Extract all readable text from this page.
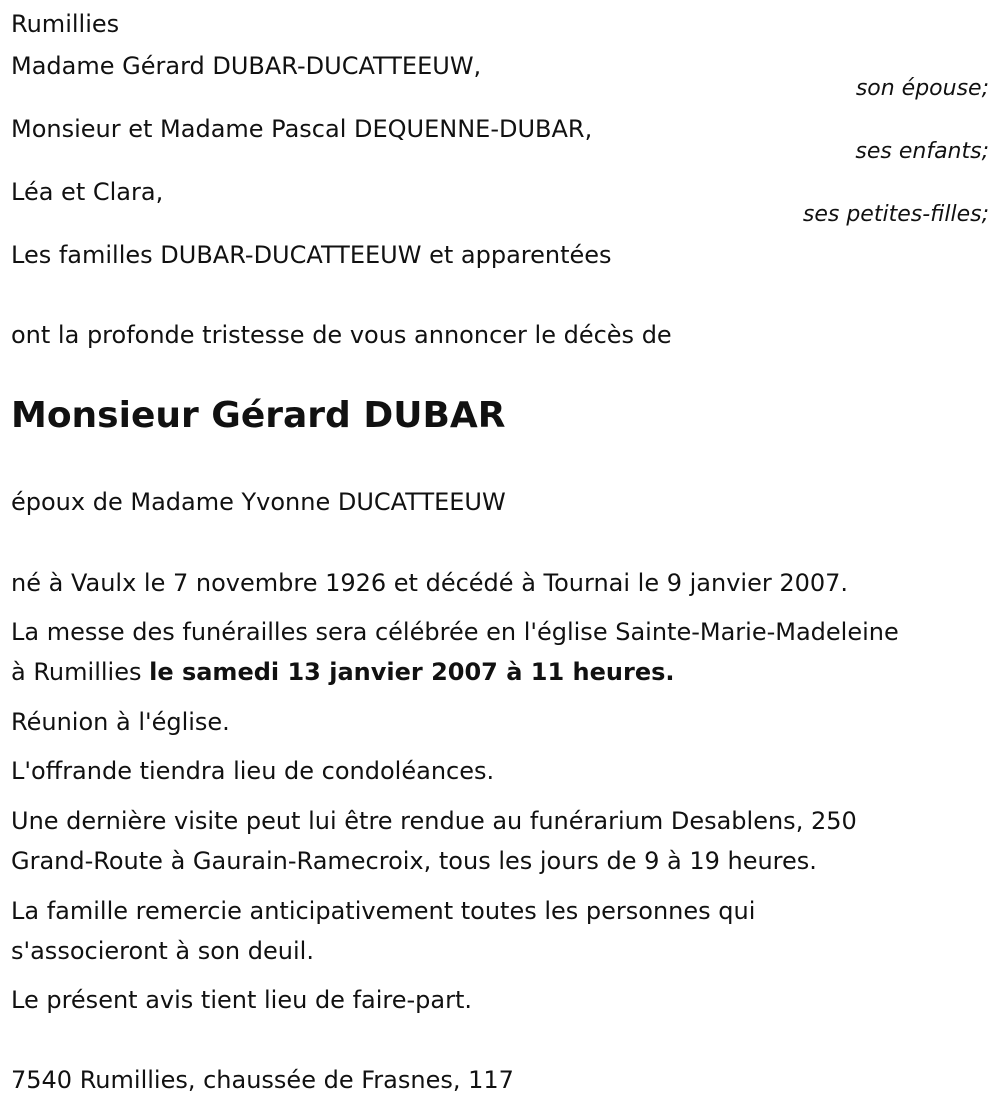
Rumillies
Madame Gérard DUBAR-DUCATTEEUW,
son épouse;
Monsieur et Madame Pascal DEQUENNE-DUBAR,
ses enfants;
Léa et Clara,
ses petites-filles;
Les familles DUBAR-DUCATTEEUW et apparentées
ont la profonde tristesse de vous annoncer le décès de
Monsieur Gérard DUBAR
époux de Madame Yvonne DUCATTEEUW
né à Vaulx le 7 novembre 1926 et décédé à Tournai le 9 janvier 2007.
La messe des funérailles sera célébrée en l'église Sainte-Marie-Madeleine
à Rumillies le samedi 13 janvier 2007 à 11 heures.
Réunion à l'église.
L'offrande tiendra lieu de condoléances.
Une dernière visite peut lui être rendue au funérarium Desablens, 250
Grand-Route à Gaurain-Ramecroix, tous les jours de 9 à 19 heures.
La famille remercie anticipativement toutes les personnes qui
s'associeront à son deuil.
Le présent avis tient lieu de faire-part.
7540 Rumillies, chaussée de Frasnes, 117
